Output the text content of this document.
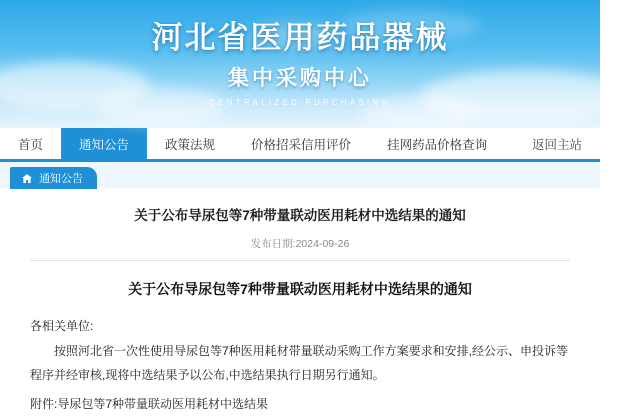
河北省医用药品器械
集中采购中心
CENTRALIZED PURCHASING
首页	通知公告	政策法规	价格招采信用评价	挂网药品价格查询	返回主站
通知公告
关于公布导尿包等7种带量联动医用耗材中选结果的通知
发布日期:2024-09-26
关于公布导尿包等7种带量联动医用耗材中选结果的通知
各相关单位:
按照河北省一次性使用导尿包等7种医用耗材带量联动采购工作方案要求和安排,经公示、申投诉等程序并经审核,现将中选结果予以公布,中选结果执行日期另行通知。
附件:导尿包等7种带量联动医用耗材中选结果
